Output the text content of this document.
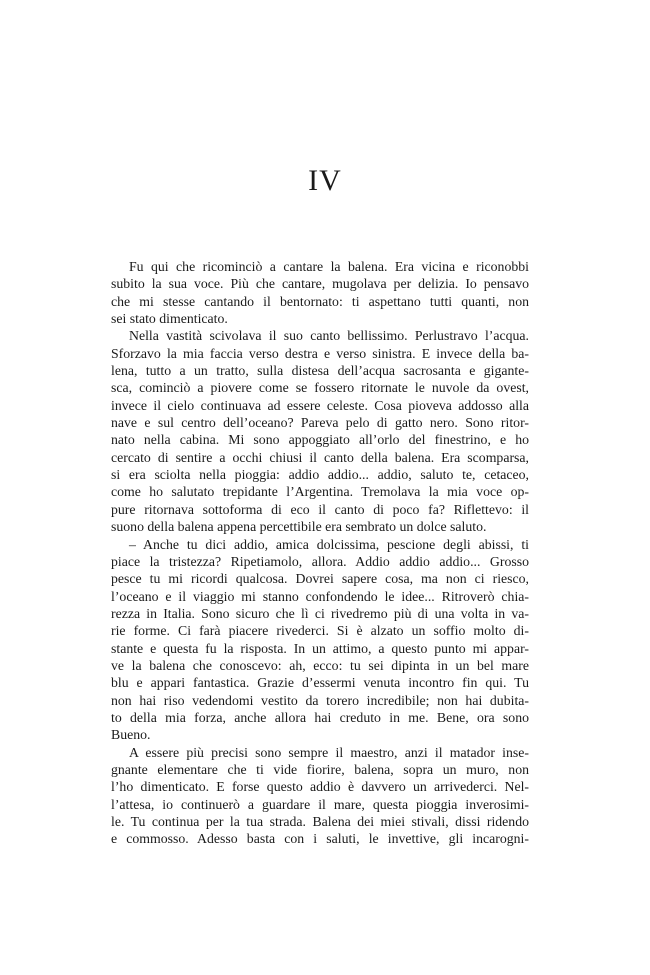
IV

Fu qui che ricominciò a cantare la balena. Era vicina e riconobbi
subito la sua voce. Più che cantare, mugolava per delizia. Io pensavo
che mi stesse cantando il bentornato: ti aspettano tutti quanti, non
sei stato dimenticato.

Nella vastità scivolava il suo canto bellissimo. Perlustravo l’acqua.
Sforzavo la mia faccia verso destra e verso sinistra. E invece della ba-
lena, tutto a un tratto, sulla distesa dell’acqua sacrosanta e gigante-
sca, cominciò a piovere come se fossero ritornate le nuvole da ovest,
invece il cielo continuava ad essere celeste. Cosa pioveva addosso alla
nave e sul centro dell’oceano? Pareva pelo di gatto nero. Sono ritor-
nato nella cabina. Mi sono appoggiato all’orlo del finestrino, e ho
cercato di sentire a occhi chiusi il canto della balena. Era scomparsa,
si era sciolta nella pioggia: addio addio... addio, saluto te, cetaceo,
come ho salutato trepidante l’Argentina. Tremolava la mia voce op-
pure ritornava sottoforma di eco il canto di poco fa? Riflettevo: il
suono della balena appena percettibile era sembrato un dolce saluto.

– Anche tu dici addio, amica dolcissima, pescione degli abissi, ti
piace la tristezza? Ripetiamolo, allora. Addio addio addio... Grosso
pesce tu mi ricordi qualcosa. Dovrei sapere cosa, ma non ci riesco,
l’oceano e il viaggio mi stanno confondendo le idee... Ritroverò chia-
rezza in Italia. Sono sicuro che lì ci rivedremo più di una volta in va-
rie forme. Ci farà piacere rivederci. Si è alzato un soffio molto di-
stante e questa fu la risposta. In un attimo, a questo punto mi appar-
ve la balena che conoscevo: ah, ecco: tu sei dipinta in un bel mare
blu e appari fantastica. Grazie d’essermi venuta incontro fin qui. Tu
non hai riso vedendomi vestito da torero incredibile; non hai dubita-
to della mia forza, anche allora hai creduto in me. Bene, ora sono
Bueno.

A essere più precisi sono sempre il maestro, anzi il matador inse-
gnante elementare che ti vide fiorire, balena, sopra un muro, non
l’ho dimenticato. E forse questo addio è davvero un arrivederci. Nel-
l’attesa, io continuerò a guardare il mare, questa pioggia inverosimi-
le. Tu continua per la tua strada. Balena dei miei stivali, dissi ridendo
e commosso. Adesso basta con i saluti, le invettive, gli incarogni-
